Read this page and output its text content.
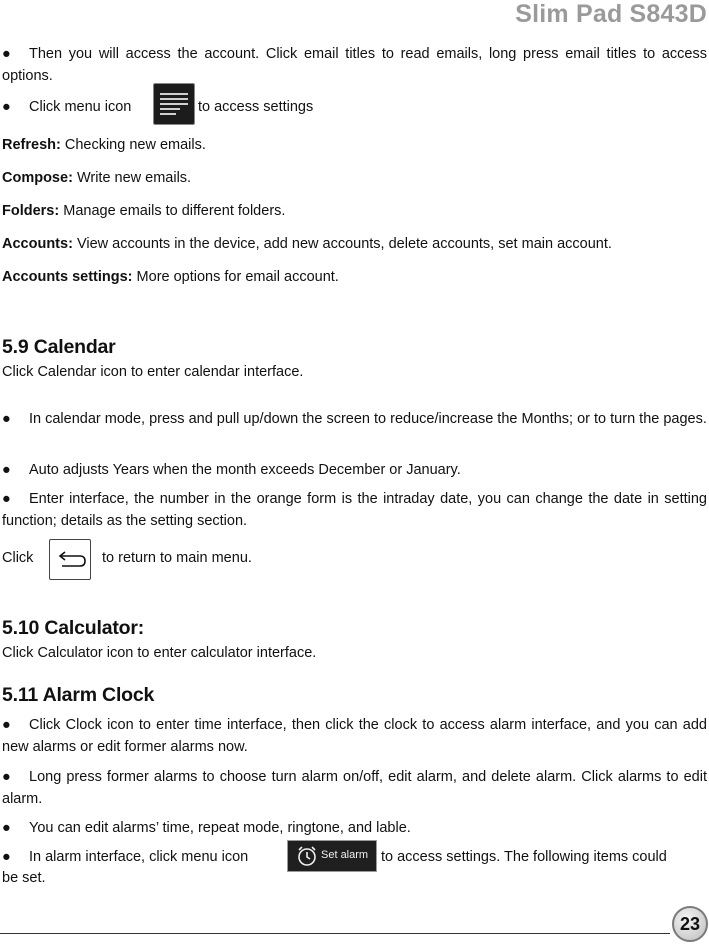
Slim Pad S843D
● Then you will access the account. Click email titles to read emails, long press email titles to access options.
● Click menu icon	to access settings
Refresh: Checking new emails.
Compose: Write new emails.
Folders: Manage emails to different folders.
Accounts: View accounts in the device, add new accounts, delete accounts, set main account.
Accounts settings: More options for email account.
5.9 Calendar
Click Calendar icon to enter calendar interface.
● In calendar mode, press and pull up/down the screen to reduce/increase the Months; or to turn the pages.
● Auto adjusts Years when the month exceeds December or January.
● Enter interface, the number in the orange form is the intraday date, you can change the date in setting function; details as the setting section.
Click	to return to main menu.
5.10 Calculator:
Click Calculator icon to enter calculator interface.
5.11 Alarm Clock
● Click Clock icon to enter time interface, then click the clock to access alarm interface, and you can add new alarms or edit former alarms now.
● Long press former alarms to choose turn alarm on/off, edit alarm, and delete alarm. Click alarms to edit alarm.
● You can edit alarms’ time, repeat mode, ringtone, and lable.
● In alarm interface, click menu icon	Set alarm to access settings. The following items could
be set.
23
